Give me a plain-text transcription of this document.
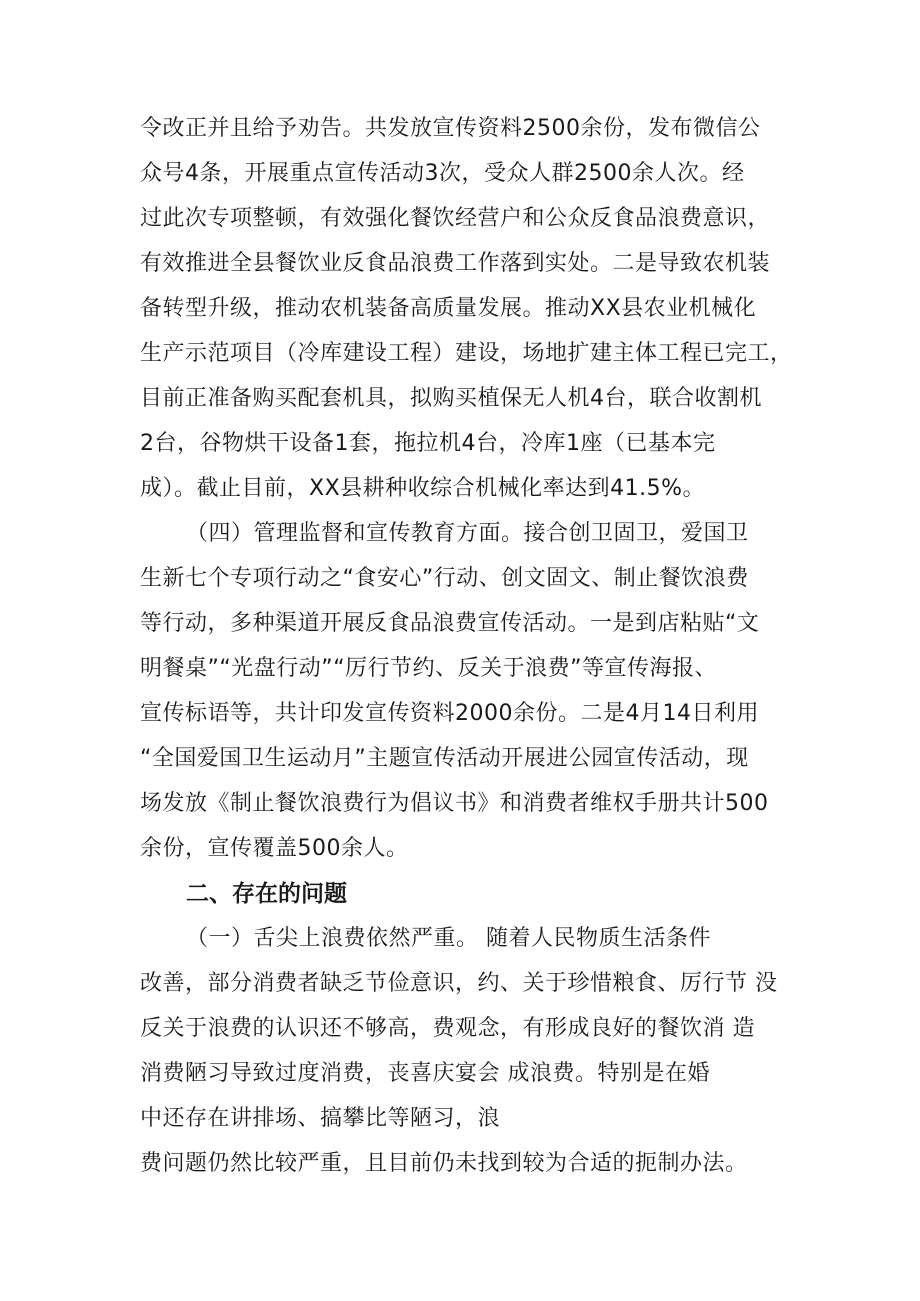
令改正并且给予劝告。共发放宣传资料2500余份，发布微信公
众号4条，开展重点宣传活动3次，受众人群2500余人次。经
过此次专项整顿，有效强化餐饮经营户和公众反食品浪费意识，
有效推进全县餐饮业反食品浪费工作落到实处。二是导致农机装
备转型升级，推动农机装备高质量发展。推动XX县农业机械化
生产示范项目（冷库建设工程）建设，场地扩建主体工程已完工，
目前正准备购买配套机具，拟购买植保无人机4台，联合收割机
2台，谷物烘干设备1套，拖拉机4台，冷库1座（已基本完
成）。截止目前，XX县耕种收综合机械化率达到41.5%。
（四）管理监督和宣传教育方面。接合创卫固卫，爱国卫
生新七个专项行动之“食安心”行动、创文固文、制止餐饮浪费
等行动，多种渠道开展反食品浪费宣传活动。一是到店粘贴“文
明餐桌”“光盘行动”“厉行节约、反关于浪费”等宣传海报、
宣传标语等，共计印发宣传资料2000余份。二是4月14日利用
“全国爱国卫生运动月”主题宣传活动开展进公园宣传活动，现
场发放《制止餐饮浪费行为倡议书》和消费者维权手册共计500
余份，宣传覆盖500余人。
二、存在的问题
（一）舌尖上浪费依然严重。 随着人民物质生活条件
改善，部分消费者缺乏节俭意识，约、关于珍惜粮食、厉行节 没
反关于浪费的认识还不够高，费观念，有形成良好的餐饮消 造
消费陋习导致过度消费，丧喜庆宴会 成浪费。特别是在婚
中还存在讲排场、搞攀比等陋习，浪
费问题仍然比较严重，且目前仍未找到较为合适的扼制办法。
